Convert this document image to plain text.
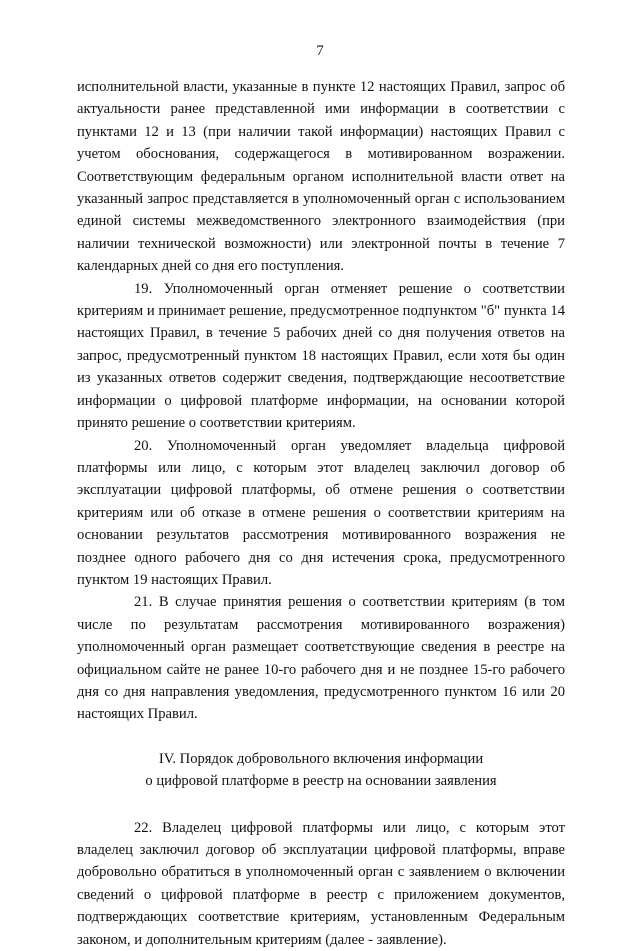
7

исполнительной власти, указанные в пункте 12 настоящих Правил, запрос об актуальности ранее представленной ими информации в соответствии с пунктами 12 и 13 (при наличии такой информации) настоящих Правил с учетом обоснования, содержащегося в мотивированном возражении. Соответствующим федеральным органом исполнительной власти ответ на указанный запрос представляется в уполномоченный орган с использованием единой системы межведомственного электронного взаимодействия (при наличии технической возможности) или электронной почты в течение 7 календарных дней со дня его поступления.

19. Уполномоченный орган отменяет решение о соответствии критериям и принимает решение, предусмотренное подпунктом "б" пункта 14 настоящих Правил, в течение 5 рабочих дней со дня получения ответов на запрос, предусмотренный пунктом 18 настоящих Правил, если хотя бы один из указанных ответов содержит сведения, подтверждающие несоответствие информации о цифровой платформе информации, на основании которой принято решение о соответствии критериям.

20. Уполномоченный орган уведомляет владельца цифровой платформы или лицо, с которым этот владелец заключил договор об эксплуатации цифровой платформы, об отмене решения о соответствии критериям или об отказе в отмене решения о соответствии критериям на основании результатов рассмотрения мотивированного возражения не позднее одного рабочего дня со дня истечения срока, предусмотренного пунктом 19 настоящих Правил.

21. В случае принятия решения о соответствии критериям (в том числе по результатам рассмотрения мотивированного возражения) уполномоченный орган размещает соответствующие сведения в реестре на официальном сайте не ранее 10-го рабочего дня и не позднее 15-го рабочего дня со дня направления уведомления, предусмотренного пунктом 16 или 20 настоящих Правил.

IV. Порядок добровольного включения информации
о цифровой платформе в реестр на основании заявления

22. Владелец цифровой платформы или лицо, с которым этот владелец заключил договор об эксплуатации цифровой платформы, вправе добровольно обратиться в уполномоченный орган с заявлением о включении сведений о цифровой платформе в реестр с приложением документов, подтверждающих соответствие критериям, установленным Федеральным законом, и дополнительным критериям (далее - заявление).
